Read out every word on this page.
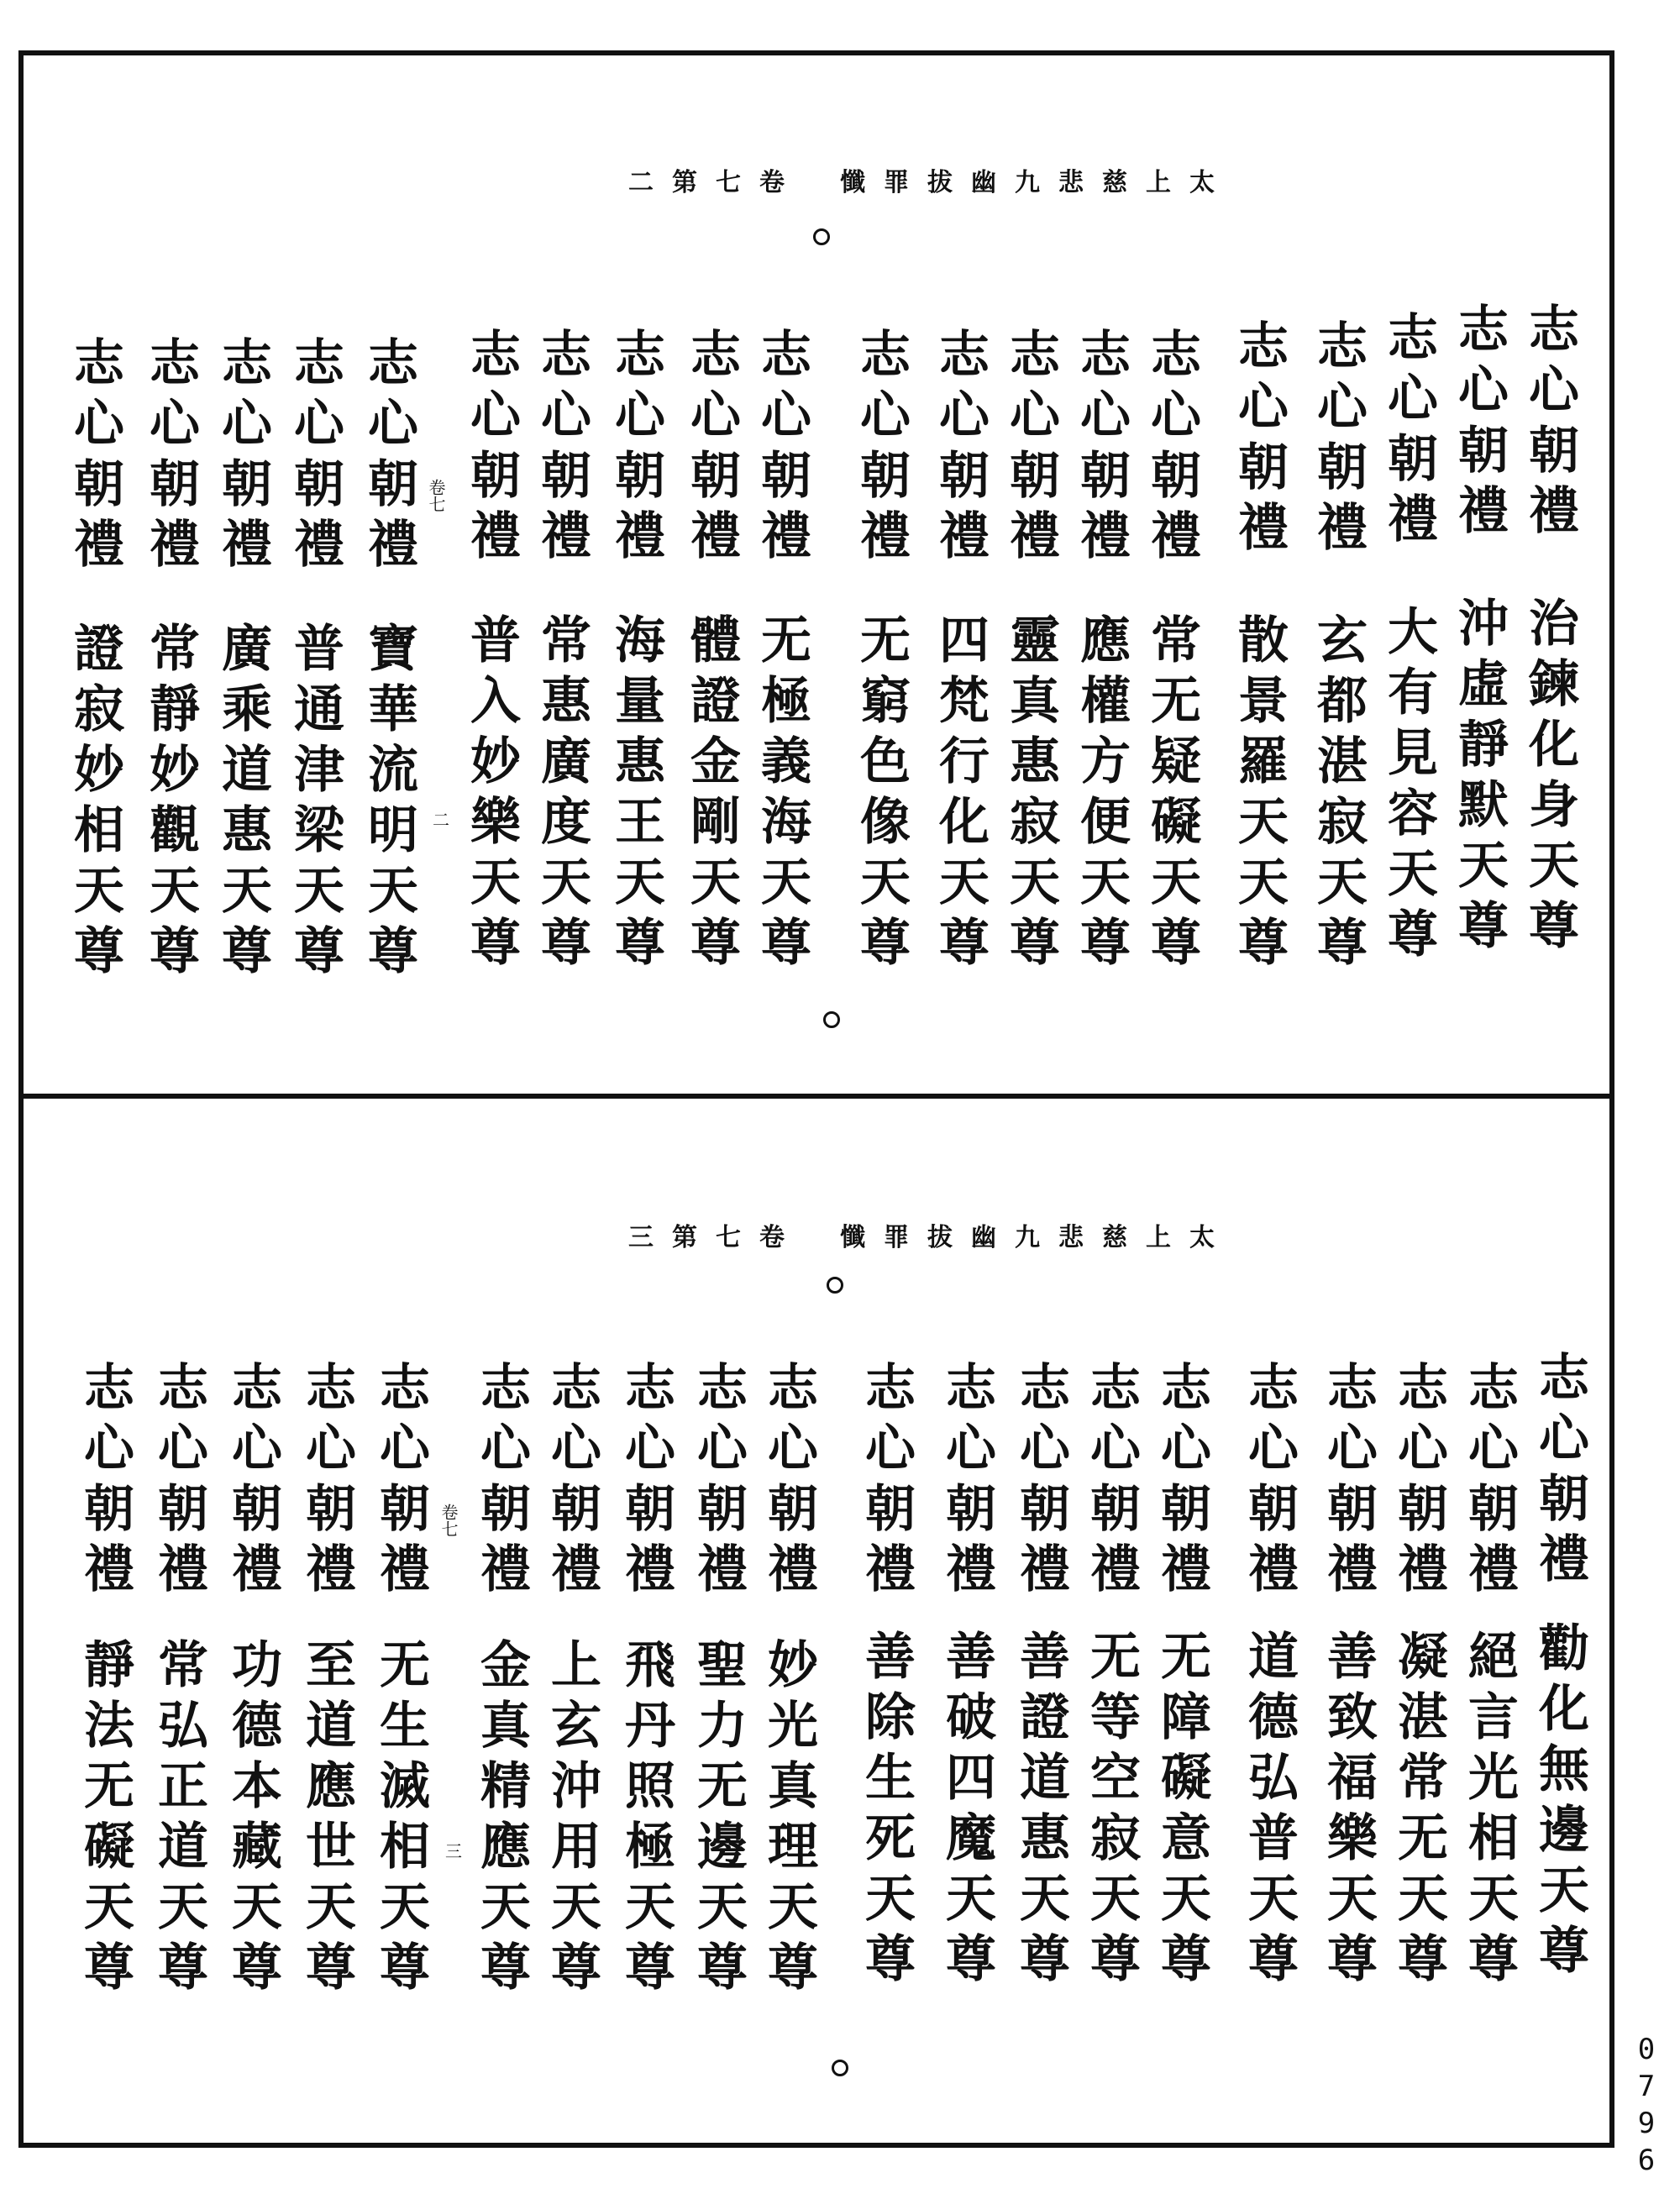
太上慈悲九幽拔罪懺
卷七第二
卷七
二
志心朝禮
治鍊化身天尊
志心朝禮
沖虛靜默天尊
志心朝禮
大有見容天尊
志心朝禮
玄都湛寂天尊
志心朝禮
散景羅天天尊
志心朝禮
常无疑礙天尊
志心朝禮
應權方便天尊
志心朝禮
靈真惠寂天尊
志心朝禮
四梵行化天尊
志心朝禮
无窮色像天尊
志心朝禮
无極義海天尊
志心朝禮
體證金剛天尊
志心朝禮
海量惠王天尊
志心朝禮
常惠廣度天尊
志心朝禮
普入妙樂天尊
志心朝禮
寶華流明天尊
志心朝禮
普通津梁天尊
志心朝禮
廣乘道惠天尊
志心朝禮
常靜妙觀天尊
志心朝禮
證寂妙相天尊
太上慈悲九幽拔罪懺
卷七第三
卷七
三
志心朝禮
勸化無邊天尊
志心朝禮
絕言光相天尊
志心朝禮
凝湛常无天尊
志心朝禮
善致福樂天尊
志心朝禮
道德弘普天尊
志心朝禮
无障礙意天尊
志心朝禮
无等空寂天尊
志心朝禮
善證道惠天尊
志心朝禮
善破四魔天尊
志心朝禮
善除生死天尊
志心朝禮
妙光真理天尊
志心朝禮
聖力无邊天尊
志心朝禮
飛丹照極天尊
志心朝禮
上玄沖用天尊
志心朝禮
金真精應天尊
志心朝禮
无生滅相天尊
志心朝禮
至道應世天尊
志心朝禮
功德本藏天尊
志心朝禮
常弘正道天尊
志心朝禮
靜法无礙天尊
0796
